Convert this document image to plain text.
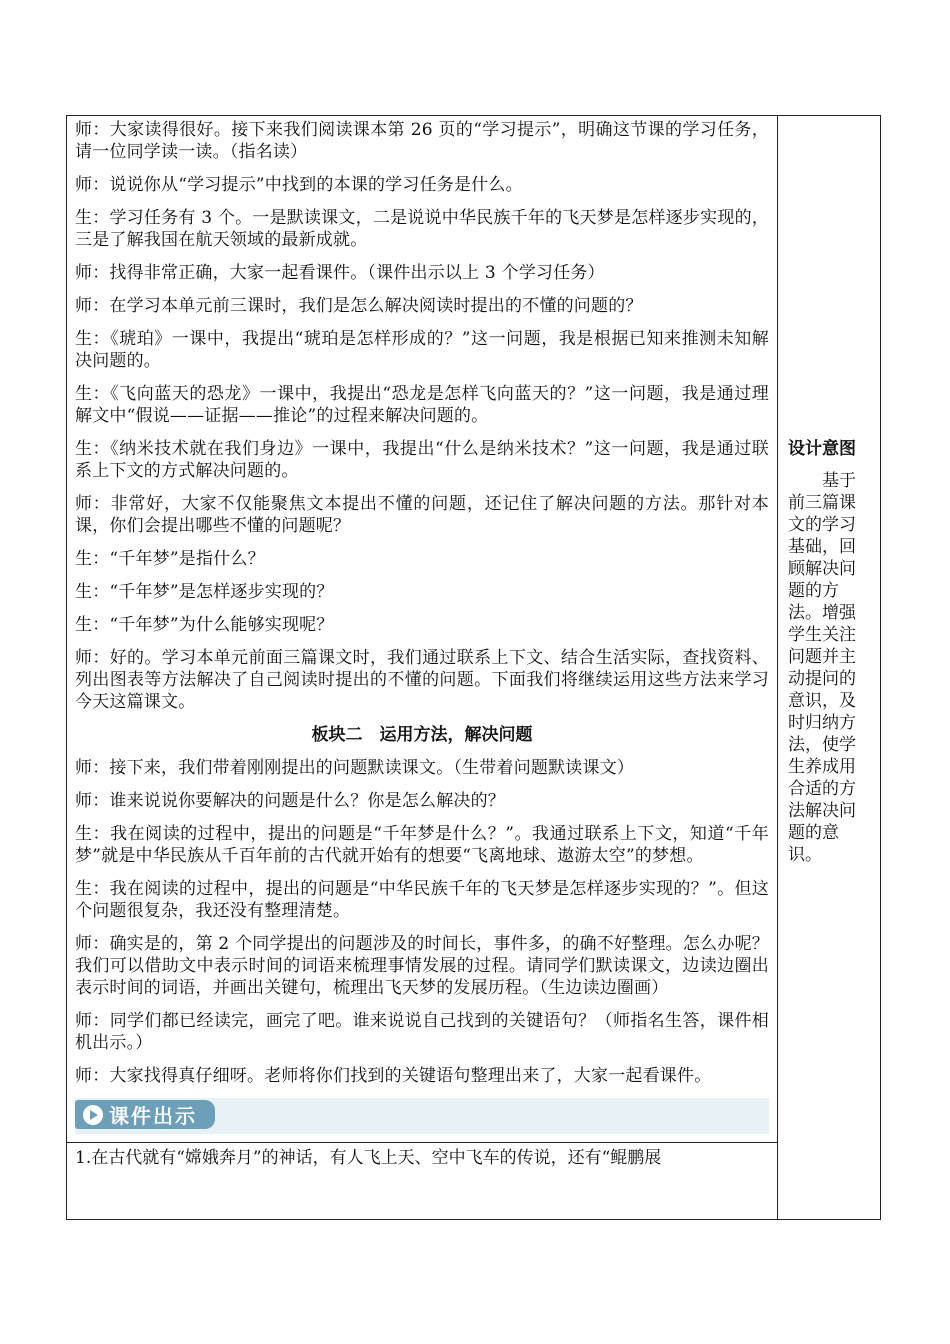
师：大家读得很好。接下来我们阅读课本第 26 页的“学习提示”，明确这节课的学习任务，请一位同学读一读。（指名读）

师：说说你从“学习提示”中找到的本课的学习任务是什么。

生：学习任务有 3 个。一是默读课文，二是说说中华民族千年的飞天梦是怎样逐步实现的，三是了解我国在航天领域的最新成就。

师：找得非常正确，大家一起看课件。（课件出示以上 3 个学习任务）

师：在学习本单元前三课时，我们是怎么解决阅读时提出的不懂的问题的？

生：《琥珀》一课中，我提出“琥珀是怎样形成的？”这一问题，我是根据已知来推测未知解决问题的。

生：《飞向蓝天的恐龙》一课中，我提出“恐龙是怎样飞向蓝天的？”这一问题，我是通过理解文中“假说——证据——推论”的过程来解决问题的。

生：《纳米技术就在我们身边》一课中，我提出“什么是纳米技术？”这一问题，我是通过联系上下文的方式解决问题的。

师：非常好，大家不仅能聚焦文本提出不懂的问题，还记住了解决问题的方法。那针对本课，你们会提出哪些不懂的问题呢？

生：“千年梦”是指什么？

生：“千年梦”是怎样逐步实现的？

生：“千年梦”为什么能够实现呢？

师：好的。学习本单元前面三篇课文时，我们通过联系上下文、结合生活实际，查找资料、列出图表等方法解决了自己阅读时提出的不懂的问题。下面我们将继续运用这些方法来学习今天这篇课文。

板块二　运用方法，解决问题

师：接下来，我们带着刚刚提出的问题默读课文。（生带着问题默读课文）

师：谁来说说你要解决的问题是什么？你是怎么解决的？

生：我在阅读的过程中，提出的问题是“千年梦是什么？”。我通过联系上下文，知道“千年梦”就是中华民族从千百年前的古代就开始有的想要“飞离地球、遨游太空”的梦想。

生：我在阅读的过程中，提出的问题是“中华民族千年的飞天梦是怎样逐步实现的？”。但这个问题很复杂，我还没有整理清楚。

师：确实是的，第 2 个同学提出的问题涉及的时间长，事件多，的确不好整理。怎么办呢？我们可以借助文中表示时间的词语来梳理事情发展的过程。请同学们默读课文，边读边圈出表示时间的词语，并画出关键句，梳理出飞天梦的发展历程。（生边读边圈画）

师：同学们都已经读完，画完了吧。谁来说说自己找到的关键语句？（师指名生答，课件相机出示。）

师：大家找得真仔细呀。老师将你们找到的关键语句整理出来了，大家一起看课件。

课件出示
1.在古代就有“嫦娥奔月”的神话，有人飞上天、空中飞车的传说，还有“鲲鹏展
设计意图
基于前三篇课文的学习基础，回顾解决问题的方法。增强学生关注问题并主动提问的意识，及时归纳方法，使学生养成用合适的方法解决问题的意识。
